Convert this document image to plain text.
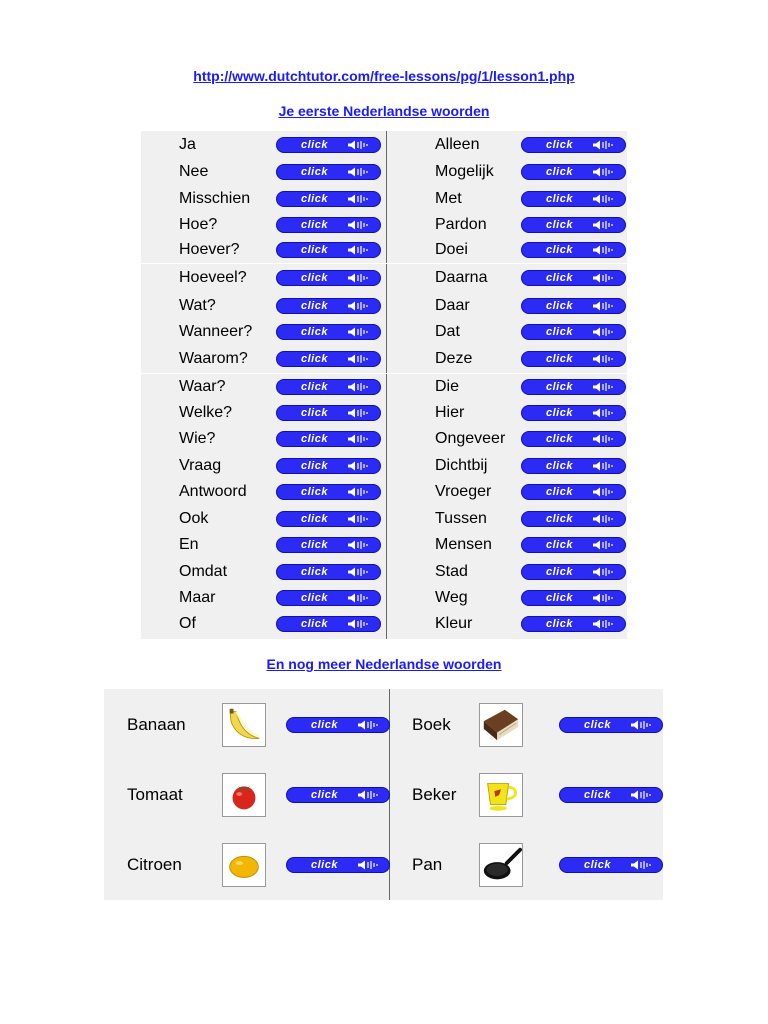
http://www.dutchtutor.com/free-lessons/pg/1/lesson1.php
Je eerste Nederlandse woorden
Ja	click	Alleen	click
Nee	click	Mogelijk	click
Misschien	click	Met	click
Hoe?	click	Pardon	click
Hoever?	click	Doei	click
Hoeveel?	click	Daarna	click
Wat?	click	Daar	click
Wanneer?	click	Dat	click
Waarom?	click	Deze	click
Waar?	click	Die	click
Welke?	click	Hier	click
Wie?	click	Ongeveer	click
Vraag	click	Dichtbij	click
Antwoord	click	Vroeger	click
Ook	click	Tussen	click
En	click	Mensen	click
Omdat	click	Stad	click
Maar	click	Weg	click
Of	click	Kleur	click
En nog meer Nederlandse woorden
Banaan	click	Boek	click
Tomaat	click	Beker	click
Citroen	click	Pan	click
